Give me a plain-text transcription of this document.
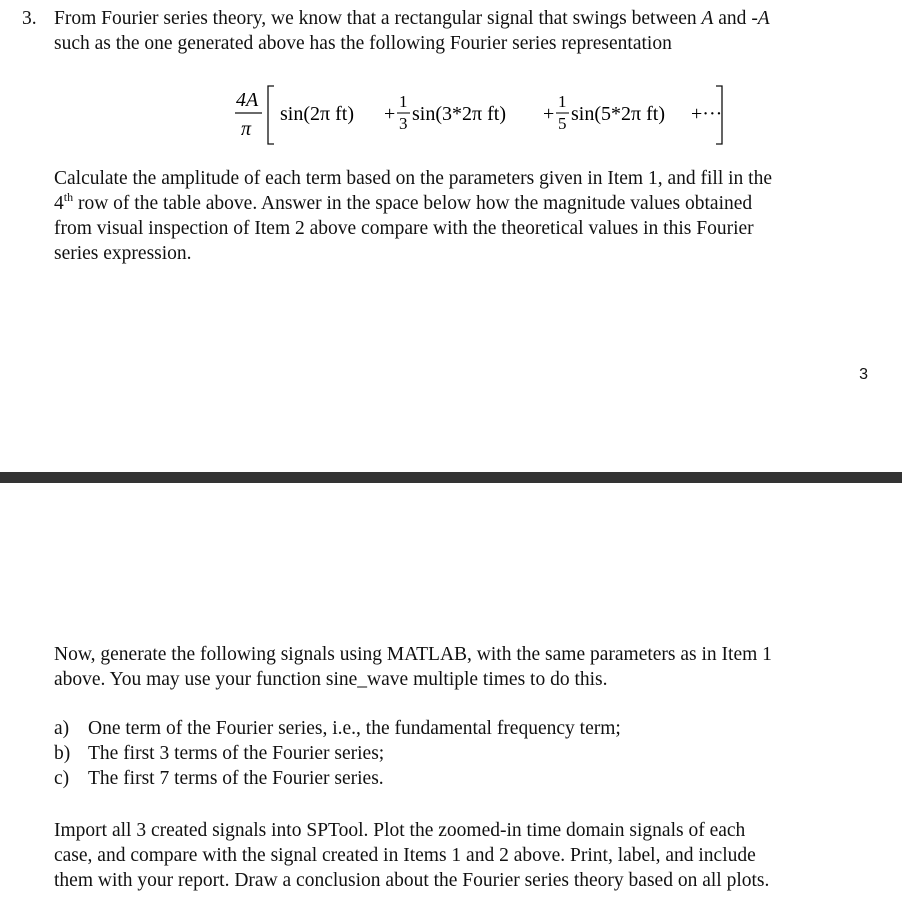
3. From Fourier series theory, we know that a rectangular signal that swings between A and -A
such as the one generated above has the following Fourier series representation
4A
π
sin(2π ft) +
1
3 sin(3*2π ft) +
1
5 sin(5*2π ft) +···
Calculate the amplitude of each term based on the parameters given in Item 1, and fill in the
4th row of the table above. Answer in the space below how the magnitude values obtained
from visual inspection of Item 2 above compare with the theoretical values in this Fourier
series expression.
3
Now, generate the following signals using MATLAB, with the same parameters as in Item 1
above. You may use your function sine_wave multiple times to do this.
a) One term of the Fourier series, i.e., the fundamental frequency term;
b) The first 3 terms of the Fourier series;
c) The first 7 terms of the Fourier series.
Import all 3 created signals into SPTool. Plot the zoomed-in time domain signals of each
case, and compare with the signal created in Items 1 and 2 above. Print, label, and include
them with your report. Draw a conclusion about the Fourier series theory based on all plots.
